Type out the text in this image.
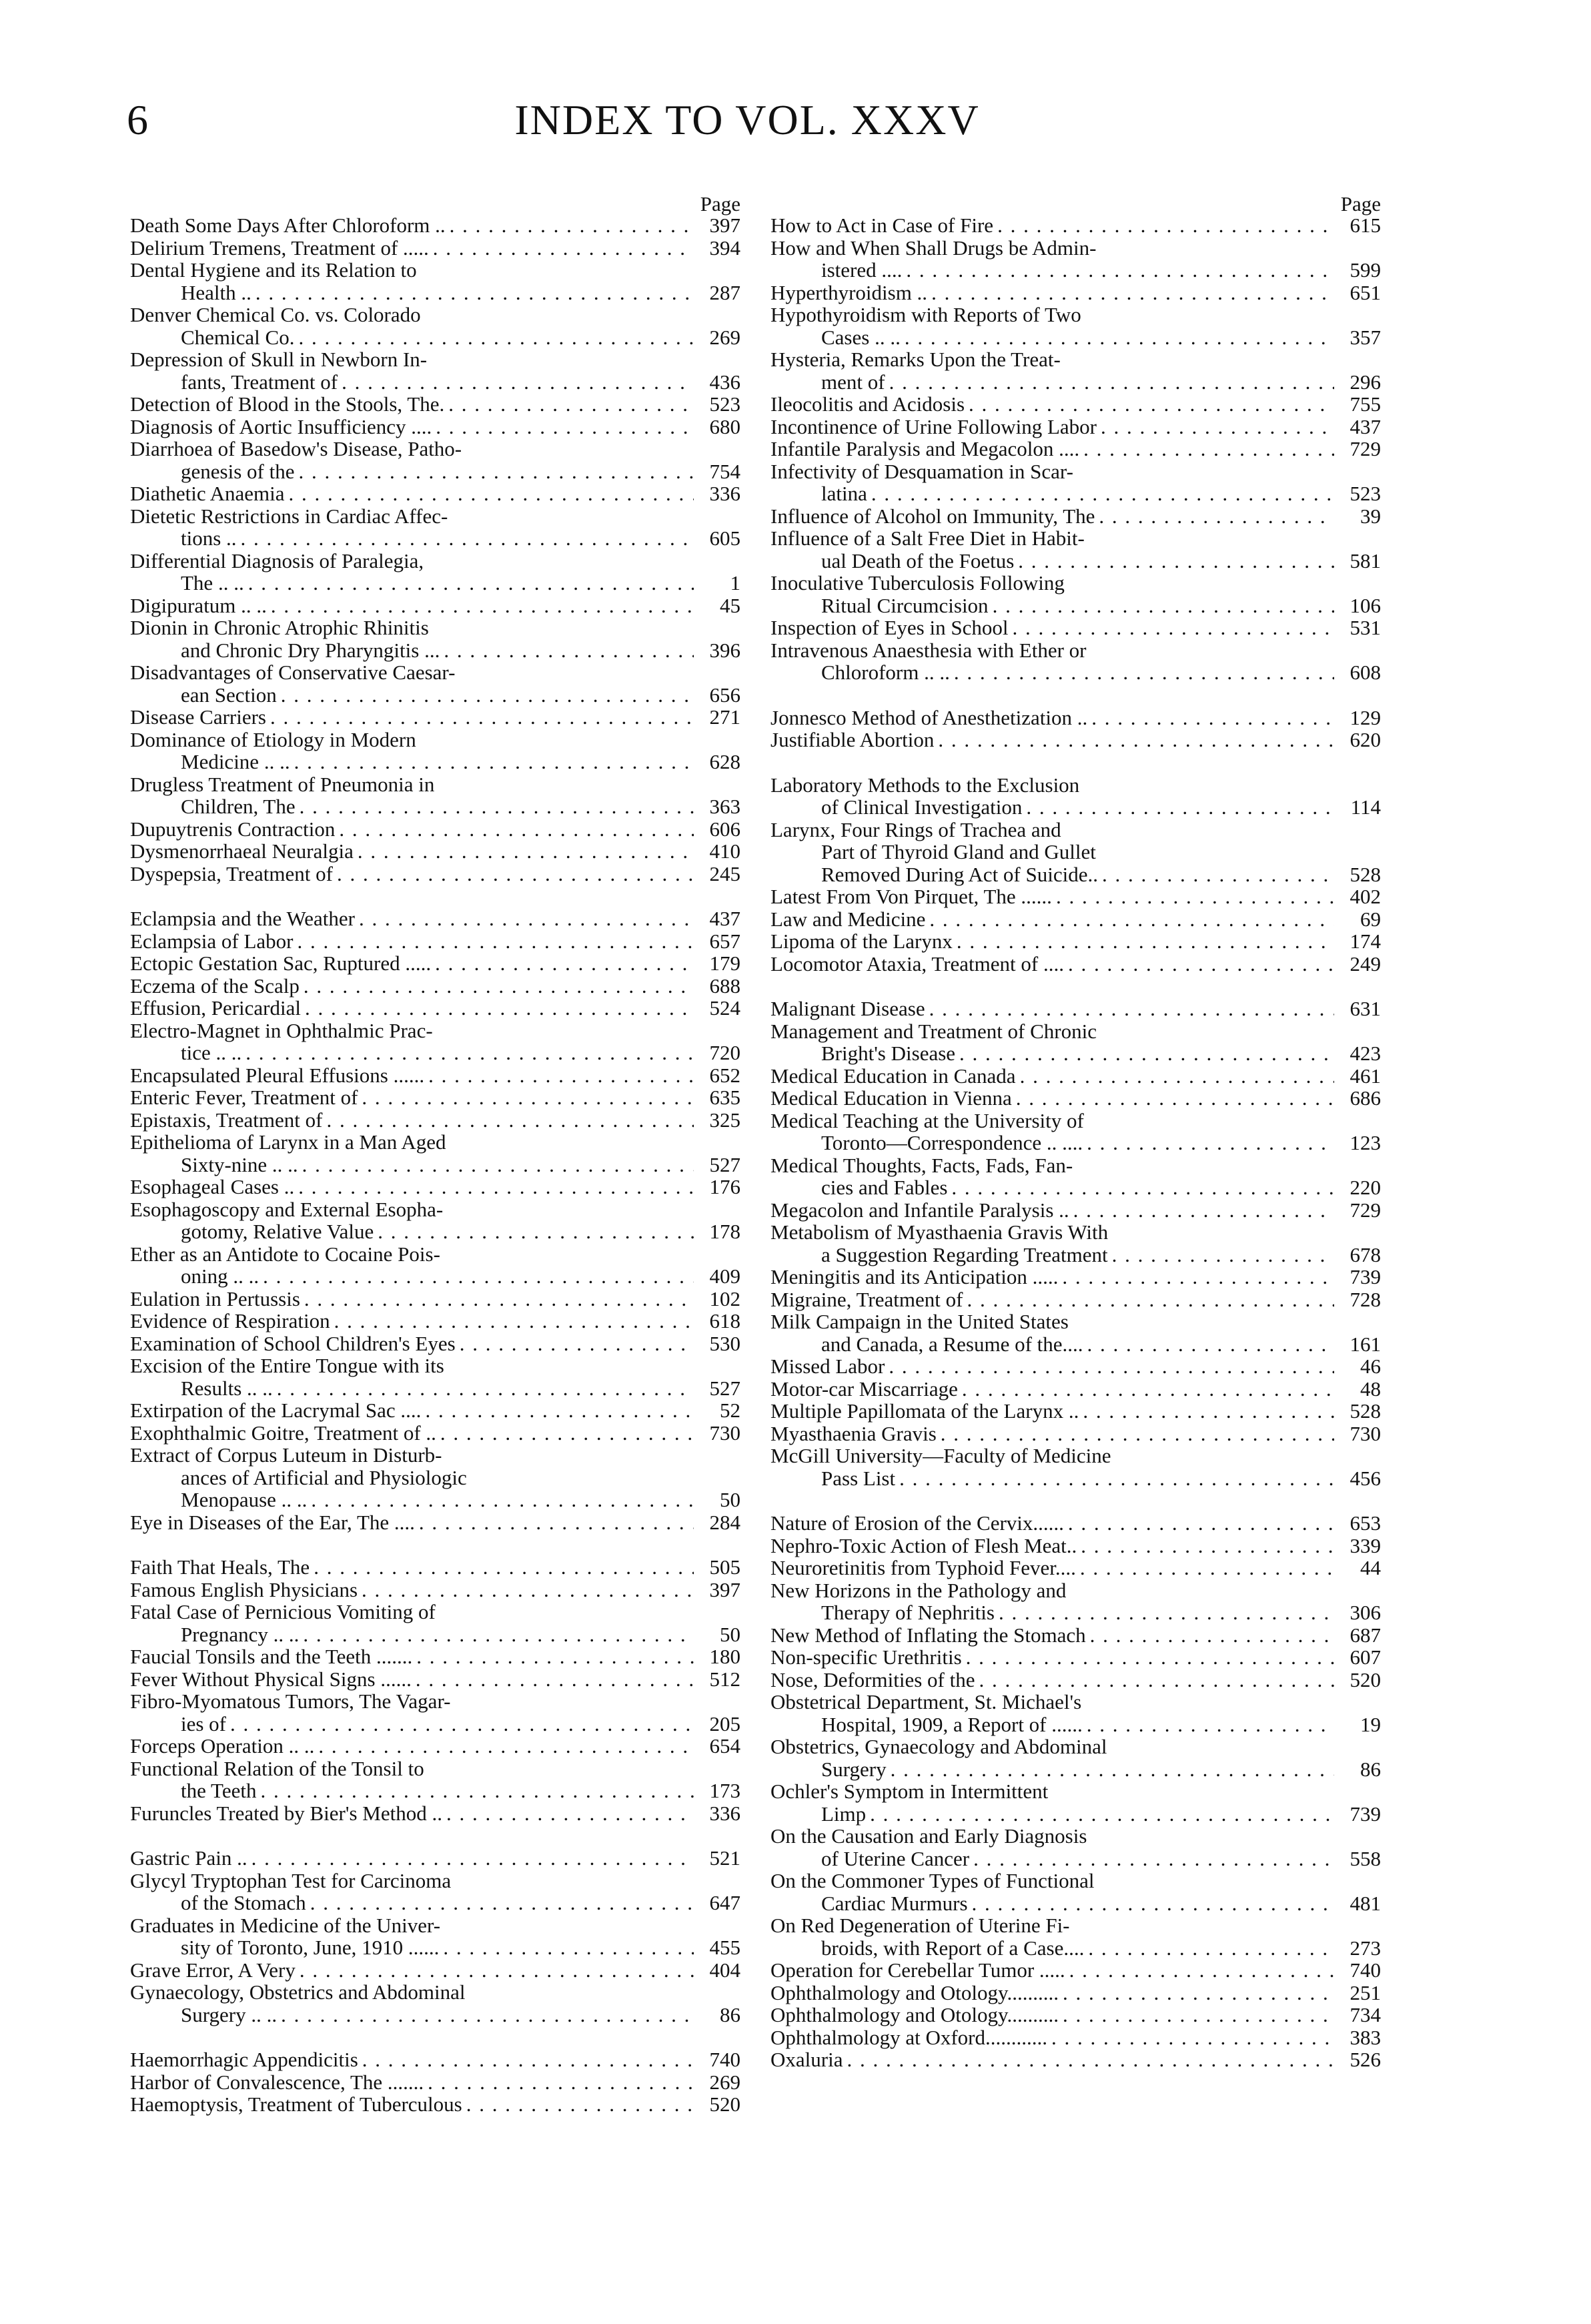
6	INDEX TO VOL. XXXV
Page
Death Some Days After Chloroform .. . . .	397
Delirium Tremens, Treatment of ..... . . .	394
Dental Hygiene and its Relation to
Health .. . . .	287
Denver Chemical Co. vs. Colorado
Chemical Co. . . .	269
Depression of Skull in Newborn In-
fants, Treatment of . . .	436
Detection of Blood in the Stools, The. . . .	523
Diagnosis of Aortic Insufficiency .... . . .	680
Diarrhoea of Basedow's Disease, Patho-
genesis of the . . .	754
Diathetic Anaemia . . .	336
Dietetic Restrictions in Cardiac Affec-
tions .. . . .	605
Differential Diagnosis of Paralegia,
The .. .. . . .	1
Digipuratum .. .. . . .	45
Dionin in Chronic Atrophic Rhinitis
and Chronic Dry Pharyngitis ... . . .	396
Disadvantages of Conservative Caesar-
ean Section . . .	656
Disease Carriers . . .	271
Dominance of Etiology in Modern
Medicine .. .. . . .	628
Drugless Treatment of Pneumonia in
Children, The . . .	363
Dupuytrenis Contraction . . .	606
Dysmenorrhaeal Neuralgia . . .	410
Dyspepsia, Treatment of . . .	245
Eclampsia and the Weather . . .	437
Eclampsia of Labor . . .	657
Ectopic Gestation Sac, Ruptured ..... . . .	179
Eczema of the Scalp . . .	688
Effusion, Pericardial . . .	524
Electro-Magnet in Ophthalmic Prac-
tice .. .. . . .	720
Encapsulated Pleural Effusions ...... . . .	652
Enteric Fever, Treatment of . . .	635
Epistaxis, Treatment of . . .	325
Epithelioma of Larynx in a Man Aged
Sixty-nine .. .. . . .	527
Esophageal Cases .. . . .	176
Esophagoscopy and External Esopha-
gotomy, Relative Value . . .	178
Ether as an Antidote to Cocaine Pois-
oning .. .. . . .	409
Eulation in Pertussis . . .	102
Evidence of Respiration . . .	618
Examination of School Children's Eyes . . .	530
Excision of the Entire Tongue with its
Results .. .. . . .	527
Extirpation of the Lacrymal Sac .... . . .	52
Exophthalmic Goitre, Treatment of .. . . .	730
Extract of Corpus Luteum in Disturb-
ances of Artificial and Physiologic
Menopause .. .. . . .	50
Eye in Diseases of the Ear, The .... . . .	284
Faith That Heals, The . . .	505
Famous English Physicians . . .	397
Fatal Case of Pernicious Vomiting of
Pregnancy .. .. . . .	50
Faucial Tonsils and the Teeth ....... . . .	180
Fever Without Physical Signs ...... . . .	512
Fibro-Myomatous Tumors, The Vagar-
ies of . . .	205
Forceps Operation .. .. . . .	654
Functional Relation of the Tonsil to
the Teeth . . .	173
Furuncles Treated by Bier's Method .. . . .	336
Gastric Pain .. . . .	521
Glycyl Tryptophan Test for Carcinoma
of the Stomach . . .	647
Graduates in Medicine of the Univer-
sity of Toronto, June, 1910 ...... . . .	455
Grave Error, A Very . . .	404
Gynaecology, Obstetrics and Abdominal
Surgery .. .. . . .	86
Haemorrhagic Appendicitis . . .	740
Harbor of Convalescence, The ....... . . .	269
Haemoptysis, Treatment of Tuberculous . . .	520
Page
How to Act in Case of Fire . . .	615
How and When Shall Drugs be Admin-
istered .... . . .	599
Hyperthyroidism .. . . .	651
Hypothyroidism with Reports of Two
Cases .. .. . . .	357
Hysteria, Remarks Upon the Treat-
ment of . . .	296
Ileocolitis and Acidosis . . .	755
Incontinence of Urine Following Labor . . .	437
Infantile Paralysis and Megacolon .... . . .	729
Infectivity of Desquamation in Scar-
latina . . .	523
Influence of Alcohol on Immunity, The . . .	39
Influence of a Salt Free Diet in Habit-
ual Death of the Foetus . . .	581
Inoculative Tuberculosis Following
Ritual Circumcision . . .	106
Inspection of Eyes in School . . .	531
Intravenous Anaesthesia with Ether or
Chloroform .. .. . . .	608
Jonnesco Method of Anesthetization .. . . .	129
Justifiable Abortion . . .	620
Laboratory Methods to the Exclusion
of Clinical Investigation . . .	114
Larynx, Four Rings of Trachea and
Part of Thyroid Gland and Gullet
Removed During Act of Suicide.. . . .	528
Latest From Von Pirquet, The ...... . . .	402
Law and Medicine . . .	69
Lipoma of the Larynx . . .	174
Locomotor Ataxia, Treatment of .... . . .	249
Malignant Disease . . .	631
Management and Treatment of Chronic
Bright's Disease . . .	423
Medical Education in Canada . . .	461
Medical Education in Vienna . . .	686
Medical Teaching at the University of
Toronto—Correspondence .. .... . . .	123
Medical Thoughts, Facts, Fads, Fan-
cies and Fables . . .	220
Megacolon and Infantile Paralysis .. . . .	729
Metabolism of Myasthaenia Gravis With
a Suggestion Regarding Treatment . . .	678
Meningitis and its Anticipation ..... . . .	739
Migraine, Treatment of . . .	728
Milk Campaign in the United States
and Canada, a Resume of the.... . . .	161
Missed Labor . . .	46
Motor-car Miscarriage . . .	48
Multiple Papillomata of the Larynx .. . . .	528
Myasthaenia Gravis . . .	730
McGill University—Faculty of Medicine
Pass List . . .	456
Nature of Erosion of the Cervix...... . . .	653
Nephro-Toxic Action of Flesh Meat.. . . .	339
Neuroretinitis from Typhoid Fever.... . . .	44
New Horizons in the Pathology and
Therapy of Nephritis . . .	306
New Method of Inflating the Stomach . . .	687
Non-specific Urethritis . . .	607
Nose, Deformities of the . . .	520
Obstetrical Department, St. Michael's
Hospital, 1909, a Report of ...... . . .	19
Obstetrics, Gynaecology and Abdominal
Surgery . . .	86
Ochler's Symptom in Intermittent
Limp . . .	739
On the Causation and Early Diagnosis
of Uterine Cancer . . .	558
On the Commoner Types of Functional
Cardiac Murmurs . . .	481
On Red Degeneration of Uterine Fi-
broids, with Report of a Case.... . . .	273
Operation for Cerebellar Tumor ..... . . .	740
Ophthalmology and Otology.......... . . .	251
Ophthalmology and Otology.......... . . .	734
Ophthalmology at Oxford............ . . .	383
Oxaluria . . .	526
